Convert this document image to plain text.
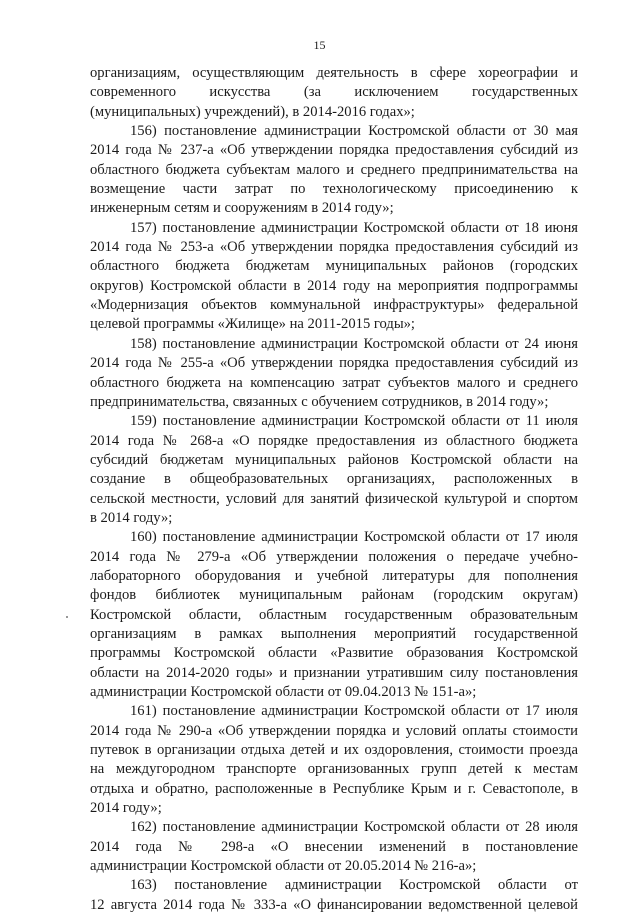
15

организациям, осуществляющим деятельность в сфере хореографии и
современного искусства (за исключением государственных
(муниципальных) учреждений), в 2014-2016 годах»;

156) постановление администрации Костромской области от 30 мая
2014 года № 237-а «Об утверждении порядка предоставления субсидий из
областного бюджета субъектам малого и среднего предпринимательства на
возмещение части затрат по технологическому присоединению к
инженерным сетям и сооружениям в 2014 году»;

157) постановление администрации Костромской области от 18 июня
2014 года № 253-а «Об утверждении порядка предоставления субсидий из
областного бюджета бюджетам муниципальных районов (городских
округов) Костромской области в 2014 году на мероприятия подпрограммы
«Модернизация объектов коммунальной инфраструктуры» федеральной
целевой программы «Жилище» на 2011-2015 годы»;

158) постановление администрации Костромской области от 24 июня
2014 года № 255-а «Об утверждении порядка предоставления субсидий из
областного бюджета на компенсацию затрат субъектов малого и среднего
предпринимательства, связанных с обучением сотрудников, в 2014 году»;

159) постановление администрации Костромской области от 11 июля
2014 года № 268-а «О порядке предоставления из областного бюджета
субсидий бюджетам муниципальных районов Костромской области на
создание в общеобразовательных организациях, расположенных в
сельской местности, условий для занятий физической культурой и спортом
в 2014 году»;

160) постановление администрации Костромской области от 17 июля
2014 года № 279-а «Об утверждении положения о передаче учебно-
лабораторного оборудования и учебной литературы для пополнения
фондов библиотек муниципальным районам (городским округам)
Костромской области, областным государственным образовательным
организациям в рамках выполнения мероприятий государственной
программы Костромской области «Развитие образования Костромской
области на 2014-2020 годы» и признании утратившим силу постановления
администрации Костромской области от 09.04.2013 № 151-а»;

161) постановление администрации Костромской области от 17 июля
2014 года № 290-а «Об утверждении порядка и условий оплаты стоимости
путевок в организации отдыха детей и их оздоровления, стоимости проезда
на междугородном транспорте организованных групп детей к местам
отдыха и обратно, расположенные в Республике Крым и г. Севастополе, в
2014 году»;

162) постановление администрации Костромской области от 28 июля
2014 года № 298-а «О внесении изменений в постановление
администрации Костромской области от 20.05.2014 № 216-а»;

163) постановление администрации Костромской области от
12 августа 2014 года № 333-а «О финансировании ведомственной целевой
